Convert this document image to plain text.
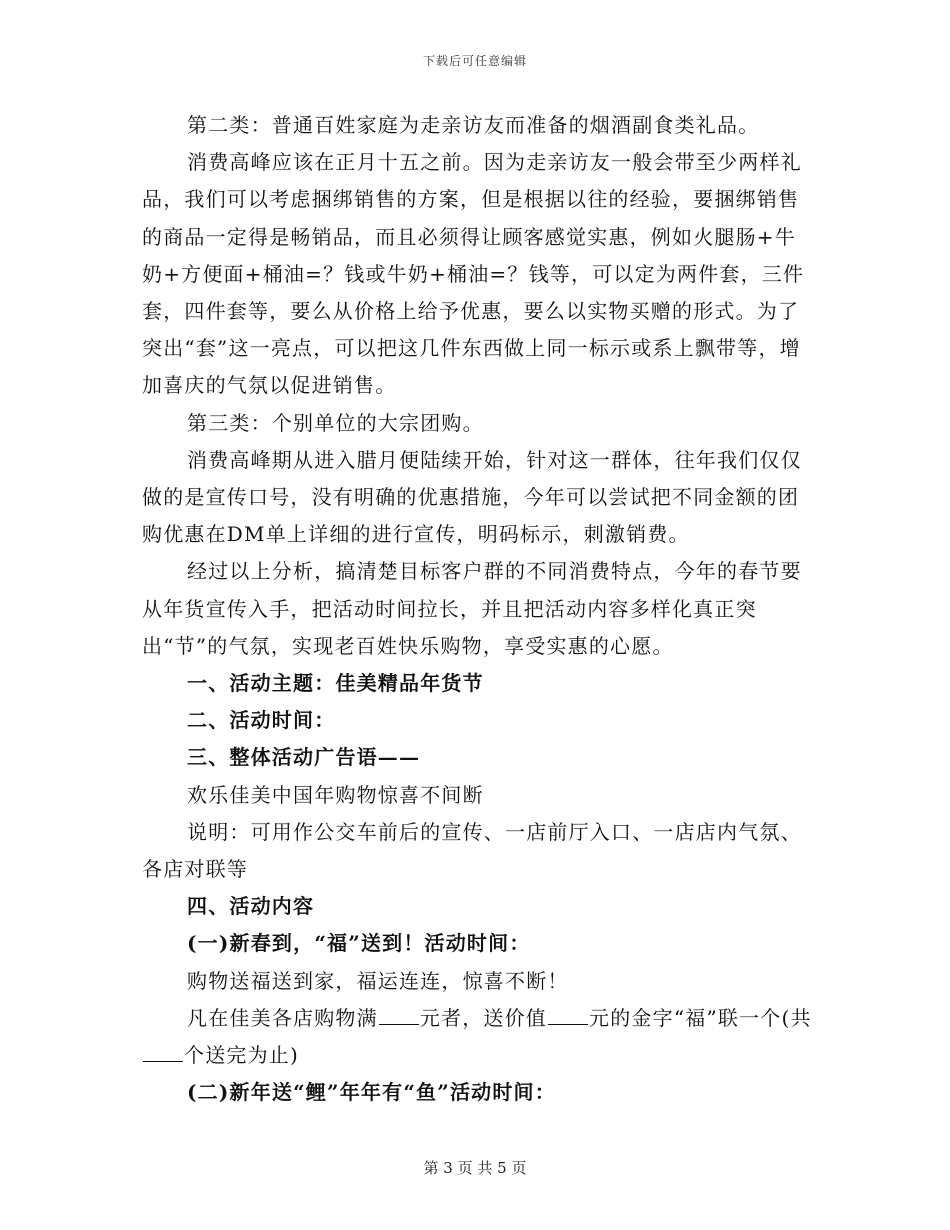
下载后可任意编辑

第二类：普通百姓家庭为走亲访友而准备的烟酒副食类礼品。

消费高峰应该在正月十五之前。因为走亲访友一般会带至少两样礼品，我们可以考虑捆绑销售的方案，但是根据以往的经验，要捆绑销售的商品一定得是畅销品，而且必须得让顾客感觉实惠，例如火腿肠+牛奶+方便面+桶油=？钱或牛奶+桶油=？钱等，可以定为两件套，三件套，四件套等，要么从价格上给予优惠，要么以实物买赠的形式。为了突出“套”这一亮点，可以把这几件东西做上同一标示或系上飘带等，增加喜庆的气氛以促进销售。

第三类：个别单位的大宗团购。

消费高峰期从进入腊月便陆续开始，针对这一群体，往年我们仅仅做的是宣传口号，没有明确的优惠措施，今年可以尝试把不同金额的团购优惠在DM单上详细的进行宣传，明码标示，刺激销费。

经过以上分析，搞清楚目标客户群的不同消费特点，今年的春节要从年货宣传入手，把活动时间拉长，并且把活动内容多样化真正突出“节”的气氛，实现老百姓快乐购物，享受实惠的心愿。

一、活动主题：佳美精品年货节

二、活动时间：

三、整体活动广告语——

欢乐佳美中国年购物惊喜不间断

说明：可用作公交车前后的宣传、一店前厅入口、一店店内气氛、各店对联等

四、活动内容

(一)新春到，“福”送到！活动时间：

购物送福送到家，福运连连，惊喜不断！

凡在佳美各店购物满 元者，送价值 元的金字“福”联一个(共个送完为止)

(二)新年送“鲤”年年有“鱼”活动时间：

第 3 页 共 5 页
